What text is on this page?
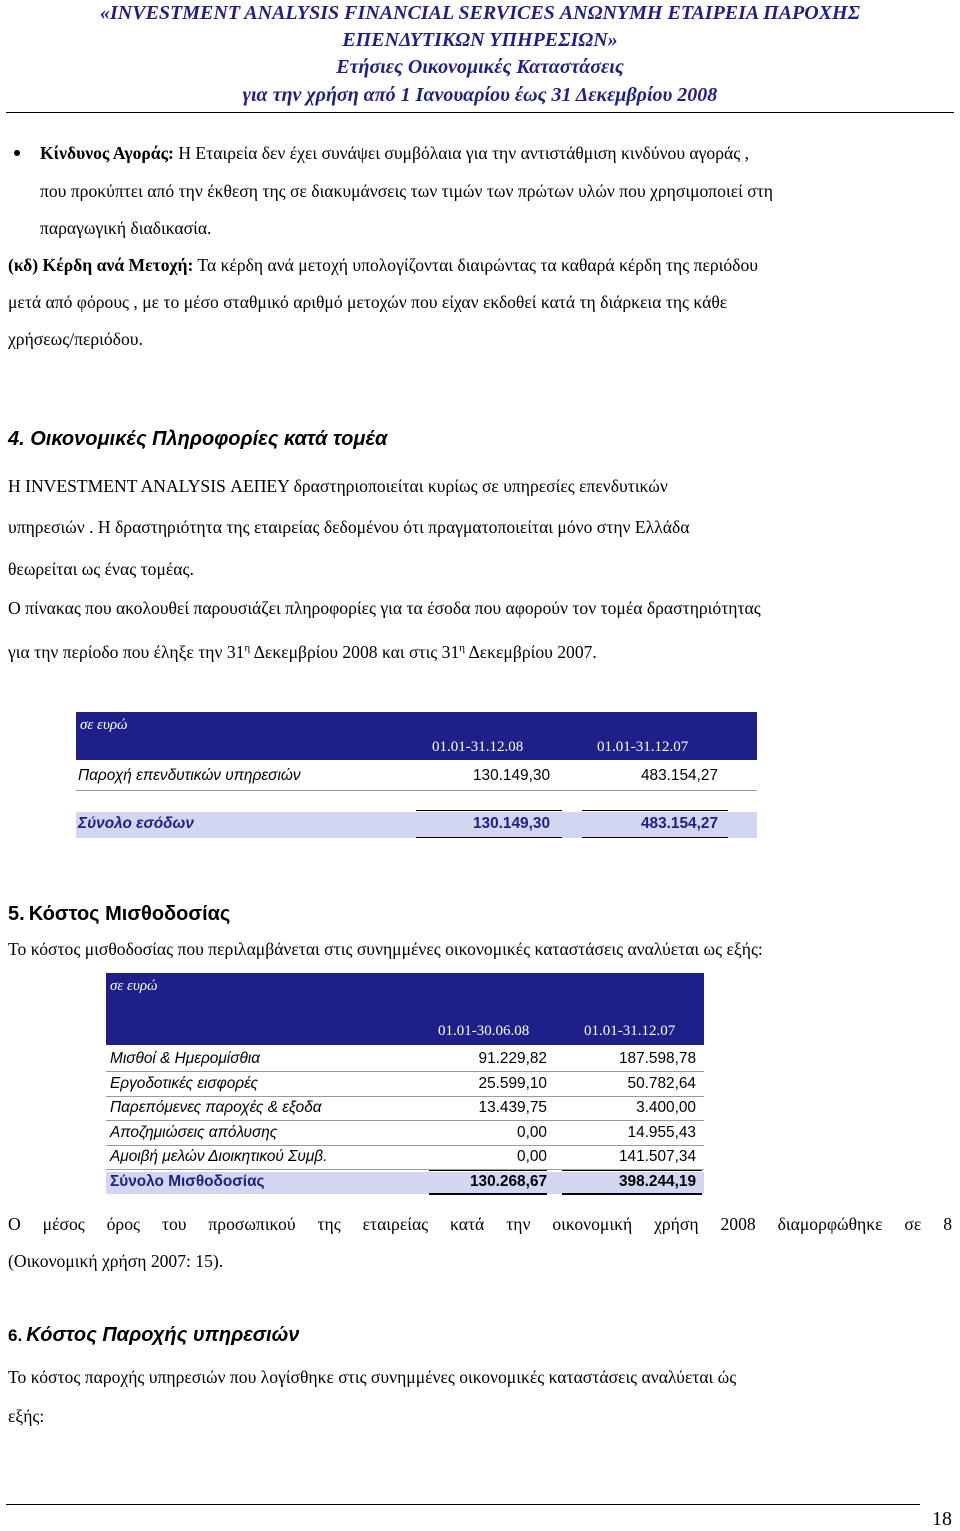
«INVESTMENT ANALYSIS FINANCIAL SERVICES ΑΝΩΝΥΜΗ ΕΤΑΙΡΕΙΑ ΠΑΡΟΧΗΣ
ΕΠΕΝΔΥΤΙΚΩΝ ΥΠΗΡΕΣΙΩΝ»
Ετήσιες Οικονομικές Καταστάσεις
για την χρήση από 1 Ιανουαρίου έως 31 Δεκεμβρίου 2008
Κίνδυνος Αγοράς: Η Εταιρεία δεν έχει συνάψει συμβόλαια για την αντιστάθμιση κινδύνου αγοράς ,
που προκύπτει από την έκθεση της σε διακυμάνσεις των τιμών των πρώτων υλών που χρησιμοποιεί στη
παραγωγική διαδικασία.
(κδ) Κέρδη ανά Μετοχή: Τα κέρδη ανά μετοχή υπολογίζονται διαιρώντας τα καθαρά κέρδη της περιόδου
μετά από φόρους , με το μέσο σταθμικό αριθμό μετοχών που είχαν εκδοθεί κατά τη διάρκεια της κάθε
χρήσεως/περιόδου.
4. Οικονομικές Πληροφορίες κατά τομέα
Η INVESTMENT ANALYSIS ΑΕΠΕΥ δραστηριοποιείται κυρίως σε υπηρεσίες επενδυτικών
υπηρεσιών . Η δραστηριότητα της εταιρείας δεδομένου ότι πραγματοποιείται μόνο στην Ελλάδα
θεωρείται ως ένας τομέας.
Ο πίνακας που ακολουθεί παρουσιάζει πληροφορίες για τα έσοδα που αφορούν τον τομέα δραστηριότητας
για την περίοδο που έληξε την $31^\eta$ Δεκεμβρίου 2008 και στις $31^\eta$ Δεκεμβρίου 2007.
σε ευρώ
01.01-31.12.08	01.01-31.12.07
Παροχή επενδυτικών υπηρεσιών	130.149,30	483.154,27
Σύνολο εσόδων	130.149,30	483.154,27
5. Κόστος Μισθοδοσίας
Το κόστος μισθοδοσίας που περιλαμβάνεται στις συνημμένες οικονομικές καταστάσεις αναλύεται ως εξής:
σε ευρώ
01.01-30.06.08	01.01-31.12.07
Μισθοί & Ημερομίσθια	91.229,82	187.598,78
Εργοδοτικές εισφορές	25.599,10	50.782,64
Παρεπόμενες παροχές & εξοδα	13.439,75	3.400,00
Αποζημιώσεις απόλυσης	0,00	14.955,43
Αμοιβή μελών Διοικητικού Συμβ.	0,00	141.507,34
Σύνολο Μισθοδοσίας	130.268,67	398.244,19
Ο μέσος όρος του προσωπικού της εταιρείας κατά την οικονομική χρήση 2008 διαμορφώθηκε σε 8
(Οικονομική χρήση 2007: 15).
6. Κόστος Παροχής υπηρεσιών
Το κόστος παροχής υπηρεσιών που λογίσθηκε στις συνημμένες οικονομικές καταστάσεις αναλύεται ώς
εξής:
18
